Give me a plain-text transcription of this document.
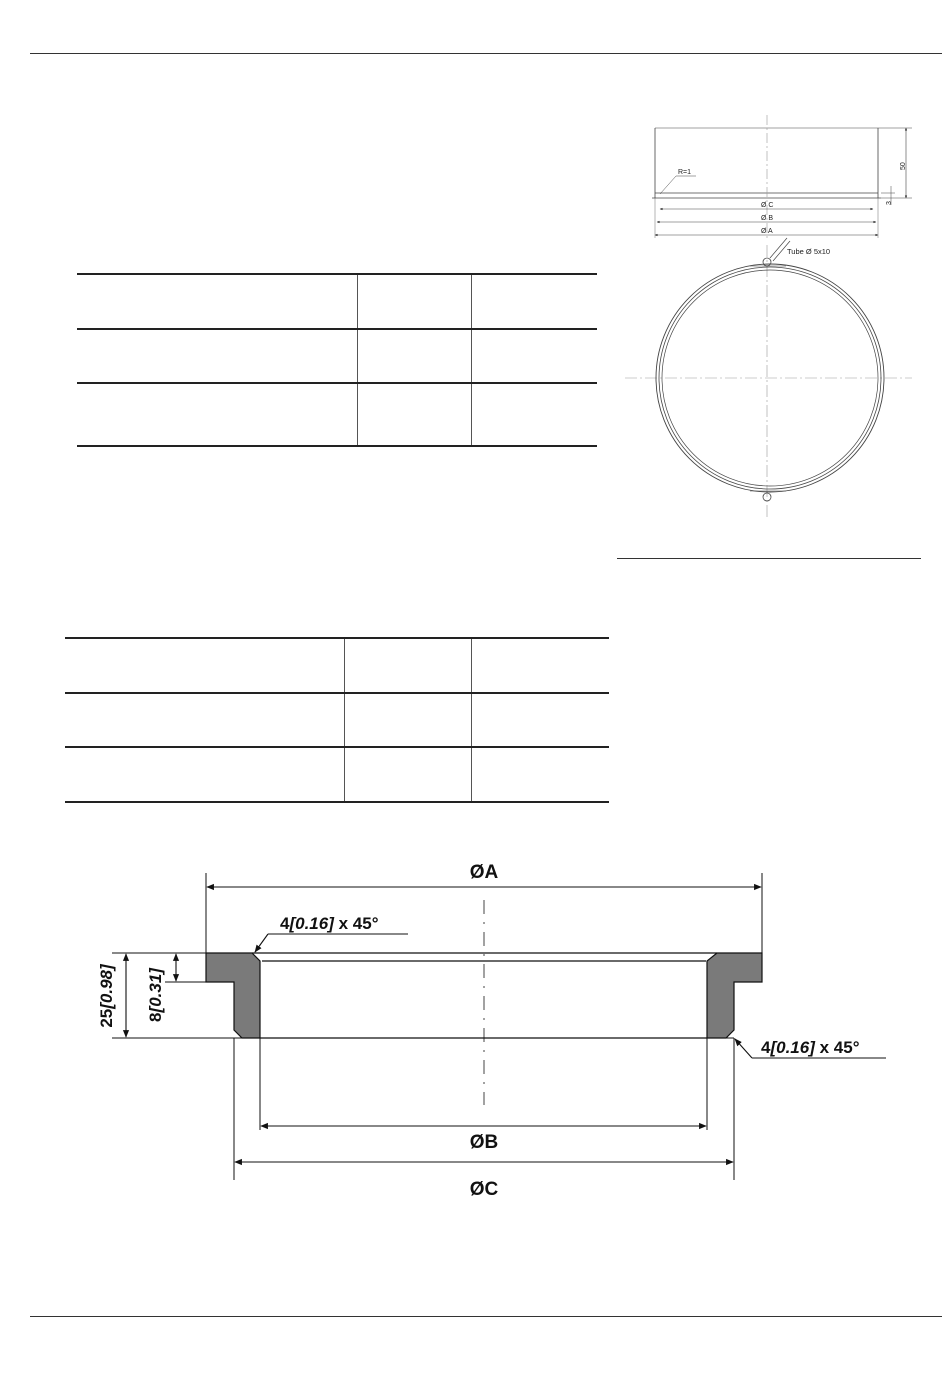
R=1
50
3
Ø C
Ø B
Ø A
Tube Ø 5x10
ØA
ØB
ØC
4[0.16] x 45°
4[0.16] x 45°
25[0.98]
8[0.31]
